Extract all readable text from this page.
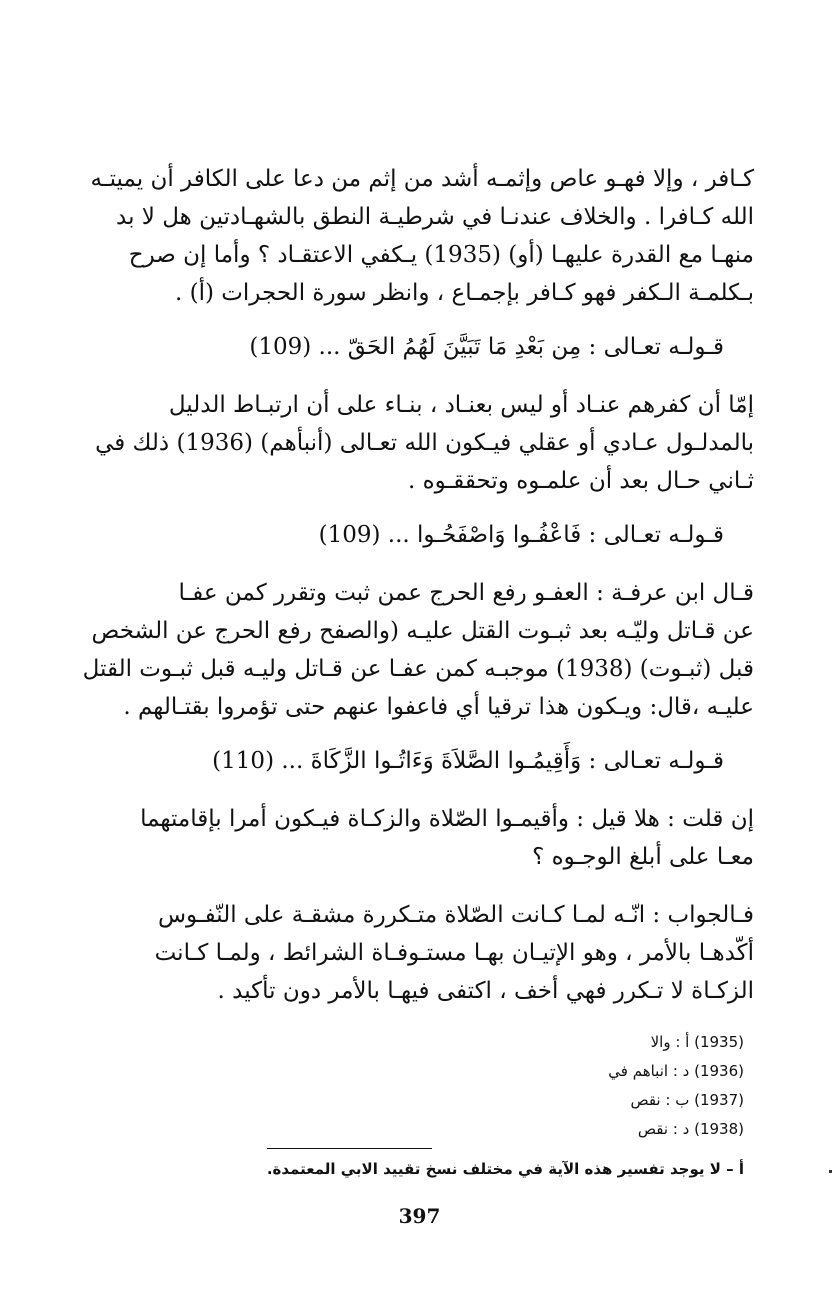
كـافر ، وإلا فهـو عاص وإثمـه أشد من إثم من دعا على الكافر أن يميتـه
الله كـافرا . والخلاف عندنـا في شرطيـة النطق بالشهـادتين هل لا بد
منهـا مع القدرة عليهـا (أو) (1935) يـكفي الاعتقـاد ؟ وأما إن صرح
بـكلمـة الـكفر فهو كـافر بإجمـاع ، وانظر سورة الحجرات (أ) .

قـولـه تعـالى : مِن بَعْدِ مَا تَبَيَّنَ لَهُمُ الحَقّ ... (109)

إمّا أن كفرهم عنـاد أو ليس بعنـاد ، بنـاء على أن ارتبـاط الدليل
بالمدلـول عـادي أو عقلي فيـكون الله تعـالى (أنبأهم) (1936) ذلك في
ثـاني حـال بعد أن علمـوه وتحققـوه .

قـولـه تعـالى : فَاعْفُـوا وَاصْفَحُـوا ... (109)

قـال ابن عرفـة : العفـو رفع الحرج عمن ثبت وتقرر كمن عفـا
عن قـاتل وليّـه بعد ثبـوت القتل عليـه (والصفح رفع الحرج عن الشخص
قبل (ثبـوت) (1938) موجبـه كمن عفـا عن قـاتل وليـه قبل ثبـوت القتل
عليـه ،قال: ويـكون هذا ترقيا أي فاعفوا عنهم حتى تؤمروا بقتـالهم .

قـولـه تعـالى : وَأَقِيمُـوا الصَّلاَةَ وَءَاتُـوا الزَّكَاةَ ... (110)

إن قلت : هلا قيل : وأقيمـوا الصّلاة والزكـاة فيـكون أمرا بإقامتهما
معـا على أبلغ الوجـوه ؟

فـالجواب : انّـه لمـا كـانت الصّلاة متـكررة مشقـة على النّفـوس
أكّدهـا بالأمر ، وهو الإتيـان بهـا مستـوفـاة الشرائط ، ولمـا كـانت
الزكـاة لا تـكرر فهي أخف ، اكتفى فيهـا بالأمر دون تأكيد .

(1935) أ : والا
(1936) د : انباهم في
(1937) ب : نقص
(1938) د : نقص
أ – لا يوجد تفسير هذه الآية في مختلف نسخ تقييد الابي المعتمدة.
397
